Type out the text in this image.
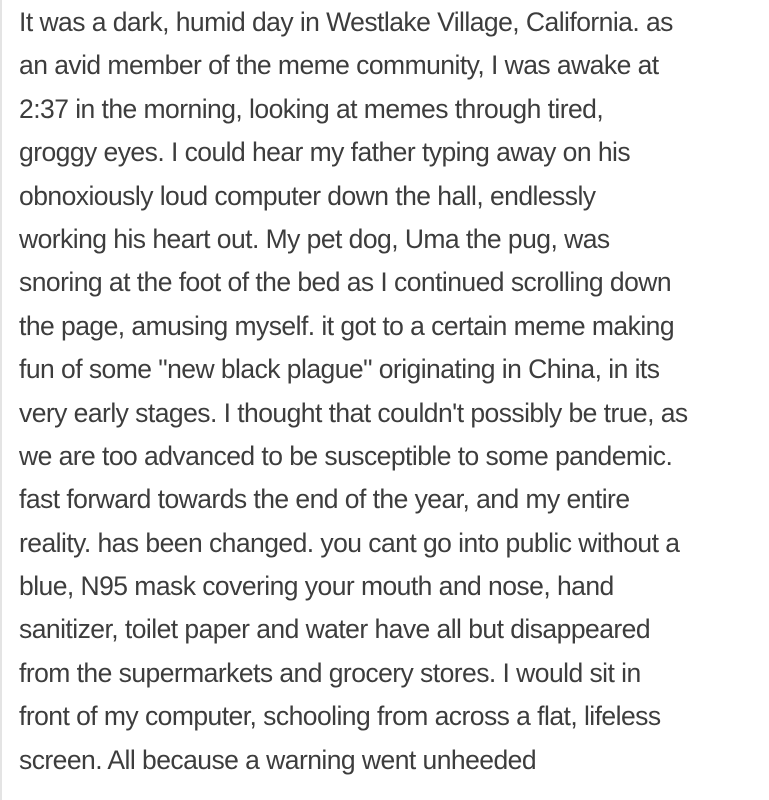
It was a dark, humid day in Westlake Village, California. as
an avid member of the meme community, I was awake at
2:37 in the morning, looking at memes through tired,
groggy eyes. I could hear my father typing away on his
obnoxiously loud computer down the hall, endlessly
working his heart out. My pet dog, Uma the pug, was
snoring at the foot of the bed as I continued scrolling down
the page, amusing myself. it got to a certain meme making
fun of some "new black plague" originating in China, in its
very early stages. I thought that couldn't possibly be true, as
we are too advanced to be susceptible to some pandemic.
fast forward towards the end of the year, and my entire
reality. has been changed. you cant go into public without a
blue, N95 mask covering your mouth and nose, hand
sanitizer, toilet paper and water have all but disappeared
from the supermarkets and grocery stores. I would sit in
front of my computer, schooling from across a flat, lifeless
screen. All because a warning went unheeded
